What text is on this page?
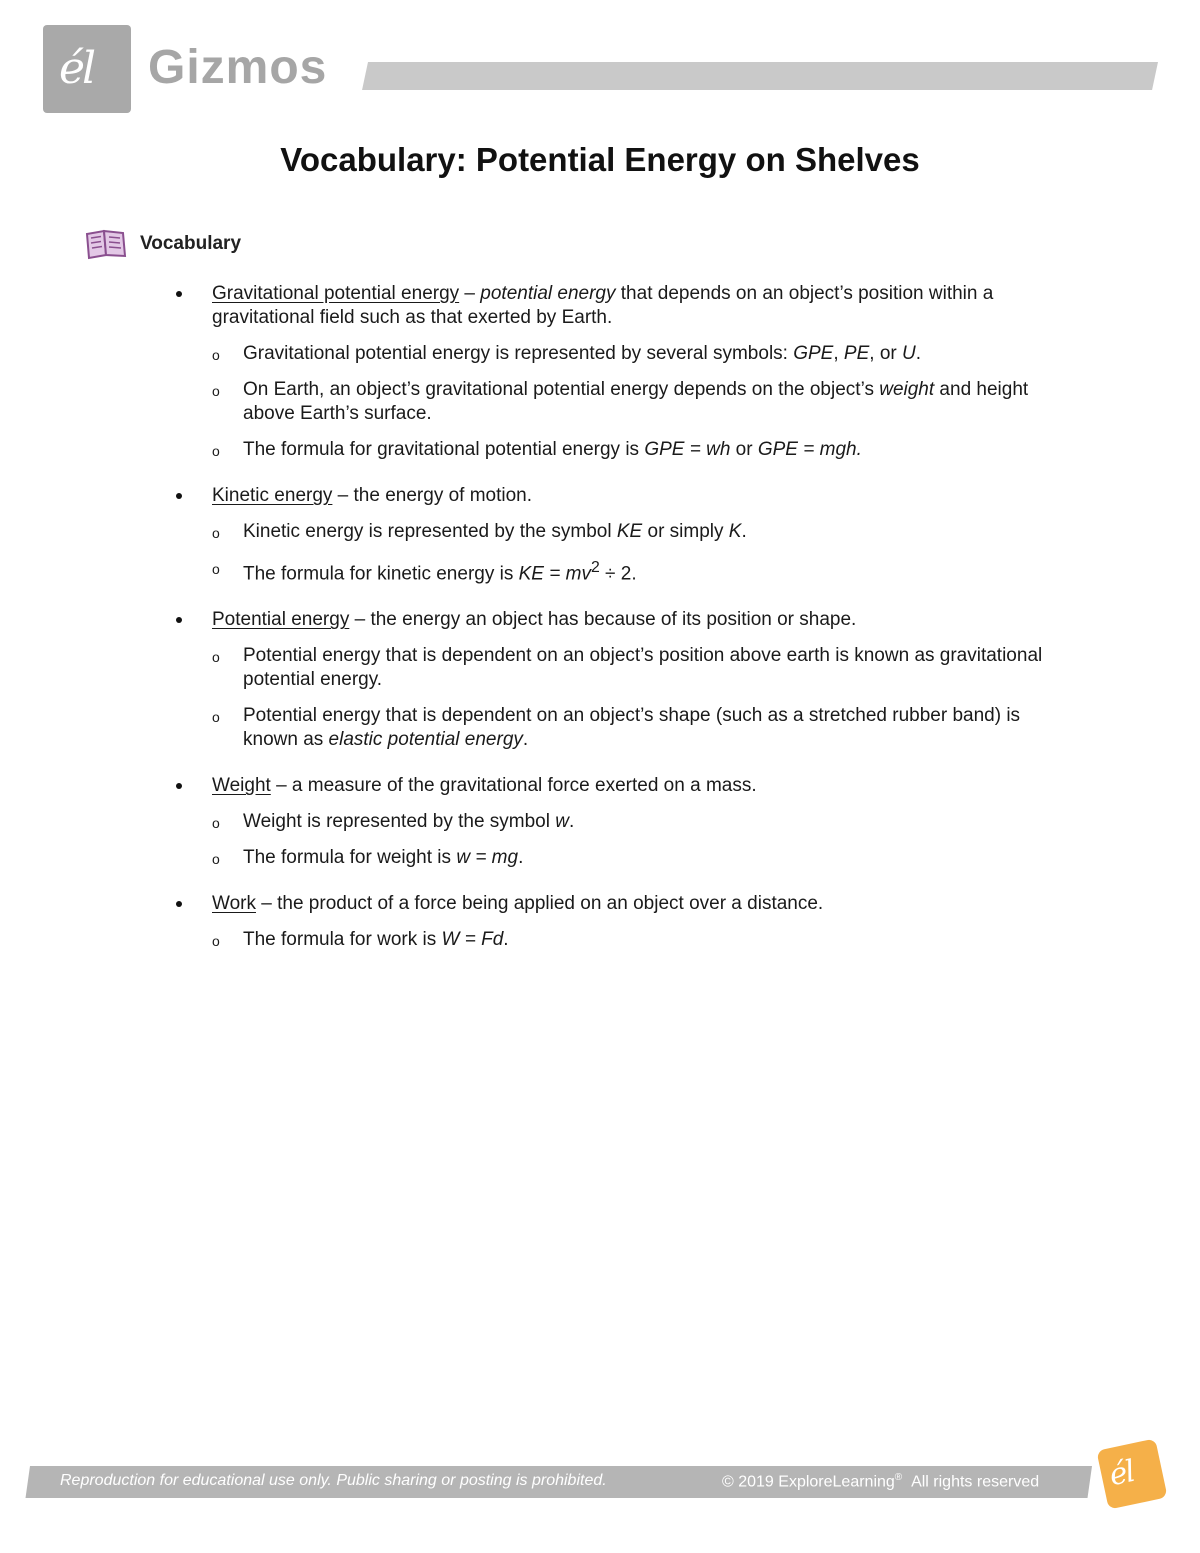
él Gizmos
Vocabulary: Potential Energy on Shelves
Vocabulary
Gravitational potential energy – potential energy that depends on an object’s position within a gravitational field such as that exerted by Earth.
o Gravitational potential energy is represented by several symbols: GPE, PE, or U.
o On Earth, an object’s gravitational potential energy depends on the object’s weight and height above Earth’s surface.
o The formula for gravitational potential energy is GPE = wh or GPE = mgh.
Kinetic energy – the energy of motion.
o Kinetic energy is represented by the symbol KE or simply K.
o The formula for kinetic energy is KE = $mv^2 \div 2$.
Potential energy – the energy an object has because of its position or shape.
o Potential energy that is dependent on an object’s position above earth is known as gravitational potential energy.
o Potential energy that is dependent on an object’s shape (such as a stretched rubber band) is known as elastic potential energy.
Weight – a measure of the gravitational force exerted on a mass.
o Weight is represented by the symbol w.
o The formula for weight is w = mg.
Work – the product of a force being applied on an object over a distance.
o The formula for work is W = Fd.
Reproduction for educational use only. Public sharing or posting is prohibited.	© 2019 ExploreLearning® All rights reserved él
